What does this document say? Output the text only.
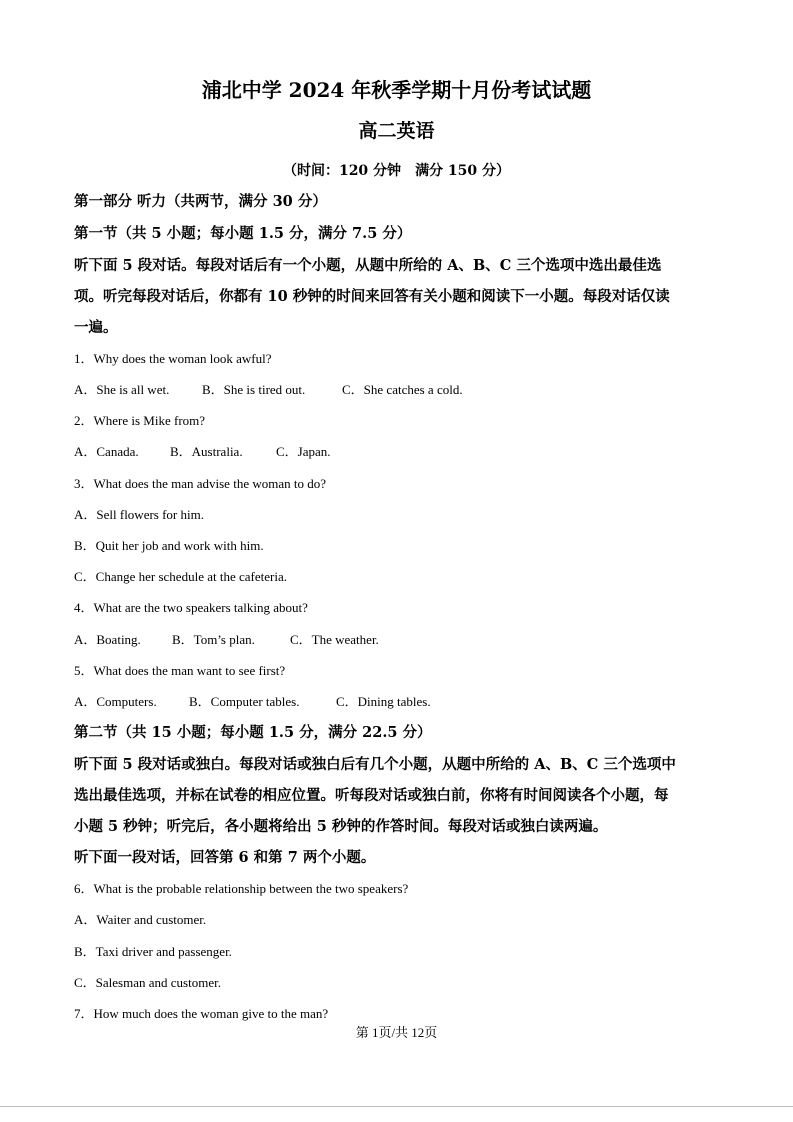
浦北中学 2024 年秋季学期十月份考试试题
高二英语
（时间：120 分钟 满分 150 分）
第一部分 听力（共两节，满分 30 分）
第一节（共 5 小题；每小题 1.5 分，满分 7.5 分）
听下面 5 段对话。每段对话后有一个小题，从题中所给的 A、B、C 三个选项中选出最佳选
项。听完每段对话后，你都有 10 秒钟的时间来回答有关小题和阅读下一小题。每段对话仅读
一遍。
1．Why does the woman look awful?
A．She is all wet.	B．She is tired out.	C．She catches a cold.
2．Where is Mike from?
A．Canada. B．Australia.	C．Japan.
3．What does the man advise the woman to do?
A．Sell flowers for him.
B．Quit her job and work with him.
C．Change her schedule at the cafeteria.
4．What are the two speakers talking about?
A．Boating. B．Tom’s plan.	C．The weather.
5．What does the man want to see first?
A．Computers. B．Computer tables.	C．Dining tables.
第二节（共 15 小题；每小题 1.5 分，满分 22.5 分）
听下面 5 段对话或独白。每段对话或独白后有几个小题，从题中所给的 A、B、C 三个选项中
选出最佳选项，并标在试卷的相应位置。听每段对话或独白前，你将有时间阅读各个小题，每
小题 5 秒钟；听完后，各小题将给出 5 秒钟的作答时间。每段对话或独白读两遍。
听下面一段对话，回答第 6 和第 7 两个小题。
6．What is the probable relationship between the two speakers?
A．Waiter and customer.
B．Taxi driver and passenger.
C．Salesman and customer.
7．How much does the woman give to the man?
第 1页/共 12页
